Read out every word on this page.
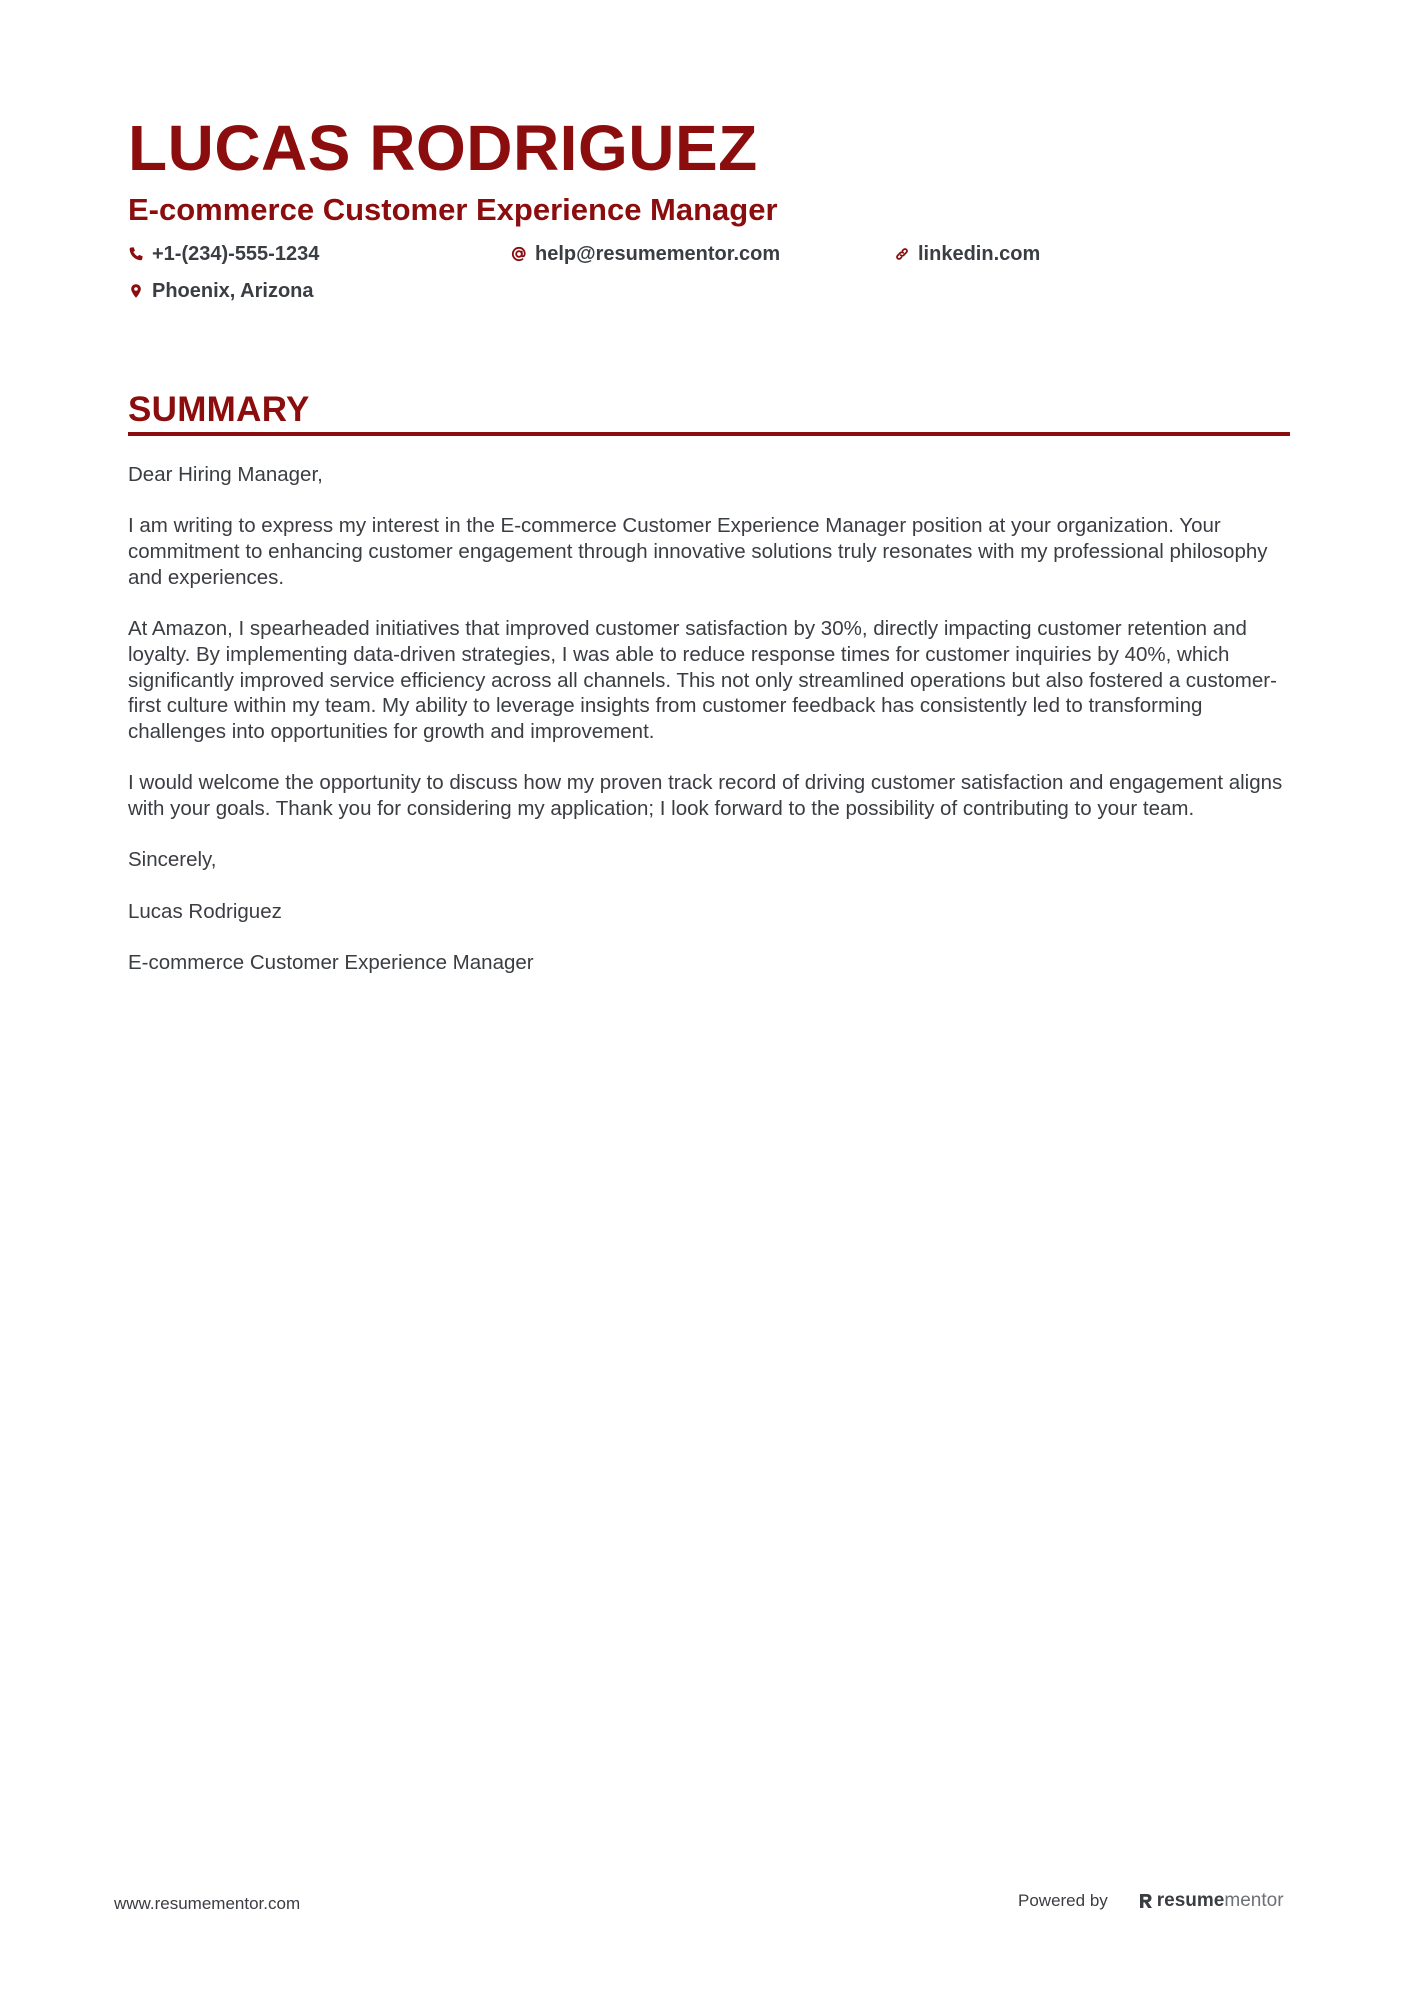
LUCAS RODRIGUEZ
E-commerce Customer Experience Manager
+1-(234)-555-1234	help@resumementor.com	linkedin.com
Phoenix, Arizona
SUMMARY

Dear Hiring Manager,

I am writing to express my interest in the E-commerce Customer Experience Manager position at your organization. Your commitment to enhancing customer engagement through innovative solutions truly resonates with my professional philosophy and experiences.

At Amazon, I spearheaded initiatives that improved customer satisfaction by 30%, directly impacting customer retention and loyalty. By implementing data-driven strategies, I was able to reduce response times for customer inquiries by 40%, which significantly improved service efficiency across all channels. This not only streamlined operations but also fostered a customer-first culture within my team. My ability to leverage insights from customer feedback has consistently led to transforming challenges into opportunities for growth and improvement.

I would welcome the opportunity to discuss how my proven track record of driving customer satisfaction and engagement aligns with your goals. Thank you for considering my application; I look forward to the possibility of contributing to your team.

Sincerely,

Lucas Rodriguez

E-commerce Customer Experience Manager

www.resumementor.com	Powered by	resume mentor
